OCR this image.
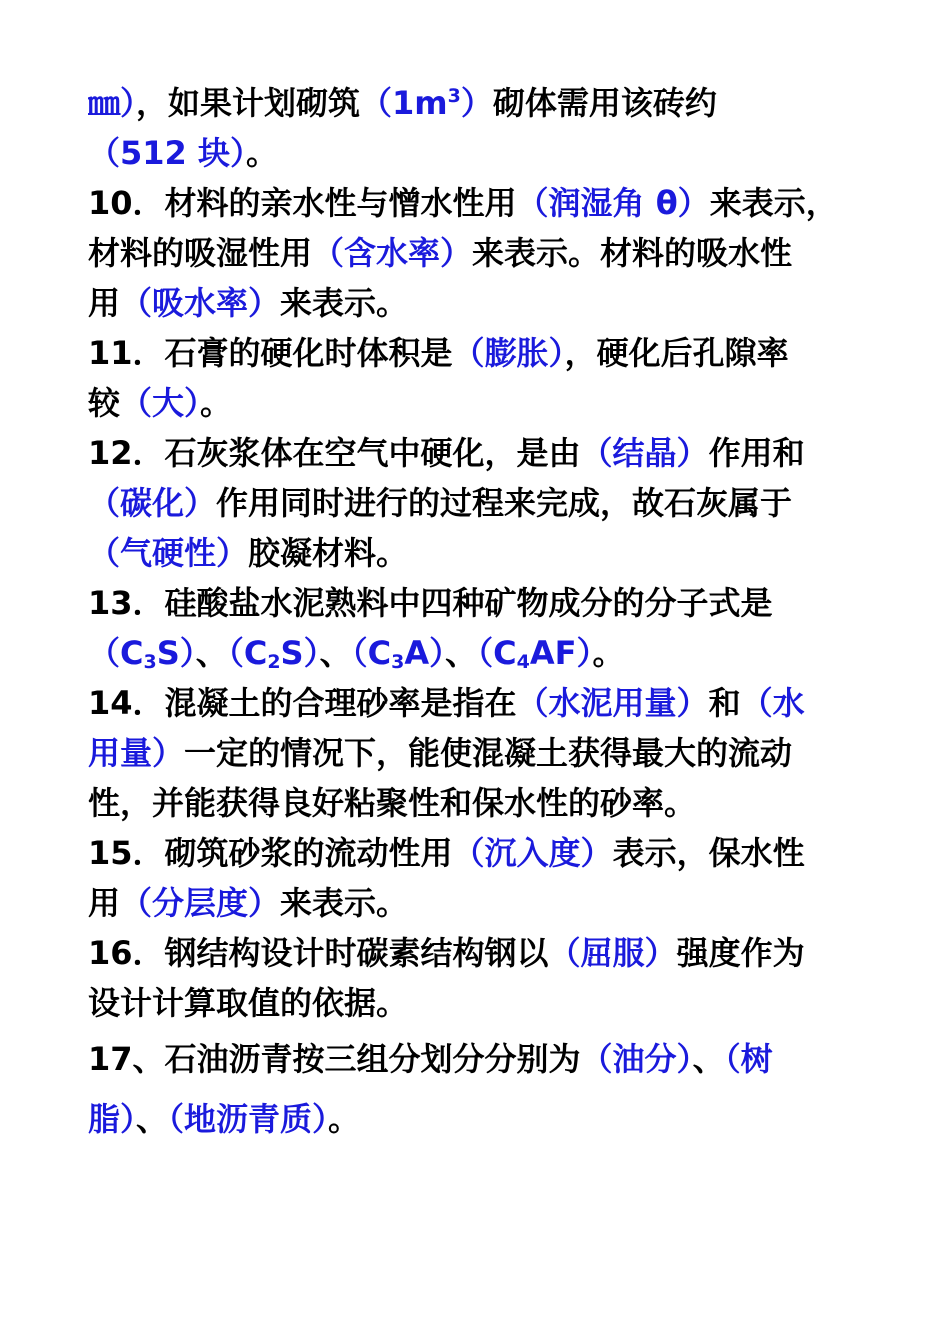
㎜），如果计划砌筑$(1m^3)$砌体需用该砖约
（512 块）。
10．材料的亲水性与憎水性用（润湿角 θ）来表示，
材料的吸湿性用（含水率）来表示。材料的吸水性
用（吸水率）来表示。
11．石膏的硬化时体积是（膨胀），硬化后孔隙率
较（大）。
12．石灰浆体在空气中硬化，是由（结晶）作用和
（碳化）作用同时进行的过程来完成，故石灰属于
（气硬性）胶凝材料。
13．硅酸盐水泥熟料中四种矿物成分的分子式是
$(C_3S)$、$(C_2S)$、$(C_3A)$、$(C_4AF)$。
14．混凝土的合理砂率是指在（水泥用量）和（水
用量）一定的情况下，能使混凝土获得最大的流动
性，并能获得良好粘聚性和保水性的砂率。
15．砌筑砂浆的流动性用（沉入度）表示，保水性
用（分层度）来表示。
16．钢结构设计时碳素结构钢以（屈服）强度作为
设计计算取值的依据。
17、石油沥青按三组分划分分别为（油分）、（树
脂）、（地沥青质）。
